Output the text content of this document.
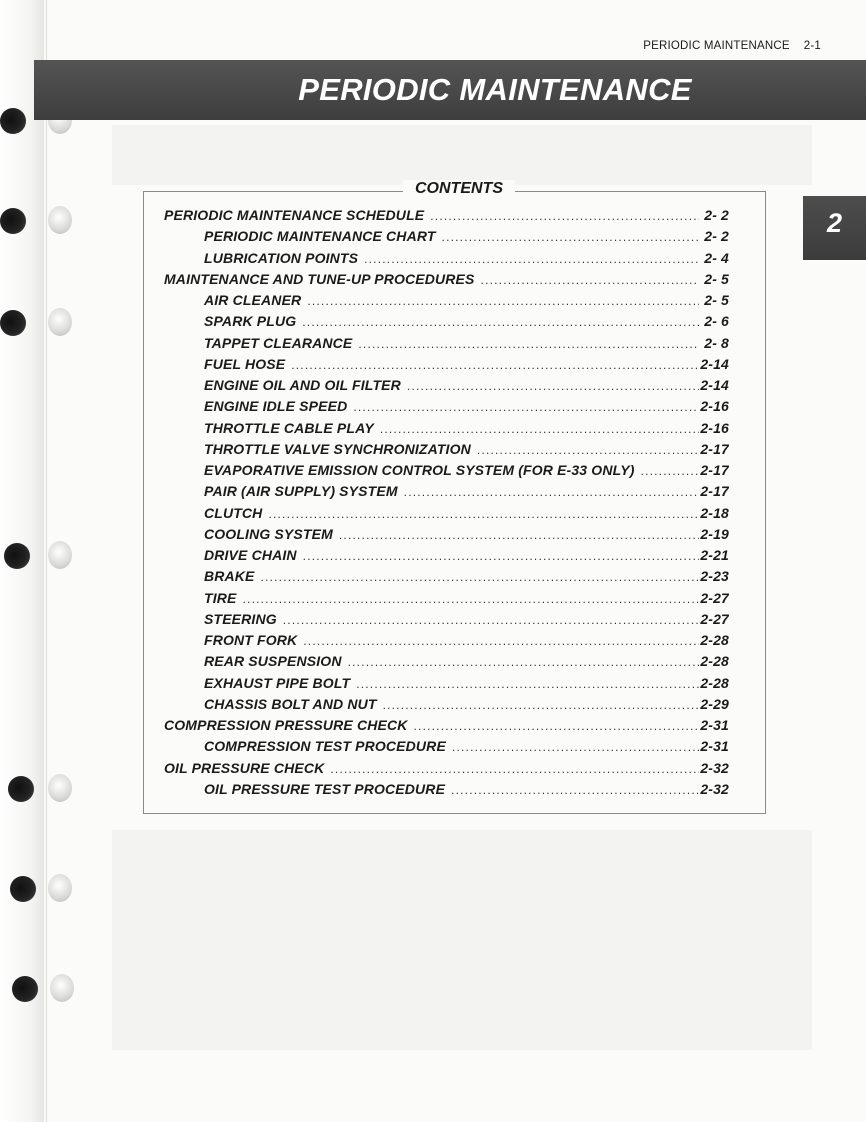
PERIODIC MAINTENANCE 2-1
PERIODIC MAINTENANCE
2
CONTENTS
PERIODIC MAINTENANCE SCHEDULE .....	2- 2
PERIODIC MAINTENANCE CHART .....	2- 2
LUBRICATION POINTS .....	2- 4
MAINTENANCE AND TUNE-UP PROCEDURES .....	2- 5
AIR CLEANER .....	2- 5
SPARK PLUG .....	2- 6
TAPPET CLEARANCE .....	2- 8
FUEL HOSE .....	2-14
ENGINE OIL AND OIL FILTER .....	2-14
ENGINE IDLE SPEED .....	2-16
THROTTLE CABLE PLAY .....	2-16
THROTTLE VALVE SYNCHRONIZATION .....	2-17
EVAPORATIVE EMISSION CONTROL SYSTEM (FOR E-33 ONLY) .....	2-17
PAIR (AIR SUPPLY) SYSTEM .....	2-17
CLUTCH .....	2-18
COOLING SYSTEM .....	2-19
DRIVE CHAIN .....	2-21
BRAKE .....	2-23
TIRE .....	2-27
STEERING .....	2-27
FRONT FORK .....	2-28
REAR SUSPENSION .....	2-28
EXHAUST PIPE BOLT .....	2-28
CHASSIS BOLT AND NUT .....	2-29
COMPRESSION PRESSURE CHECK .....	2-31
COMPRESSION TEST PROCEDURE .....	2-31
OIL PRESSURE CHECK .....	2-32
OIL PRESSURE TEST PROCEDURE .....	2-32
